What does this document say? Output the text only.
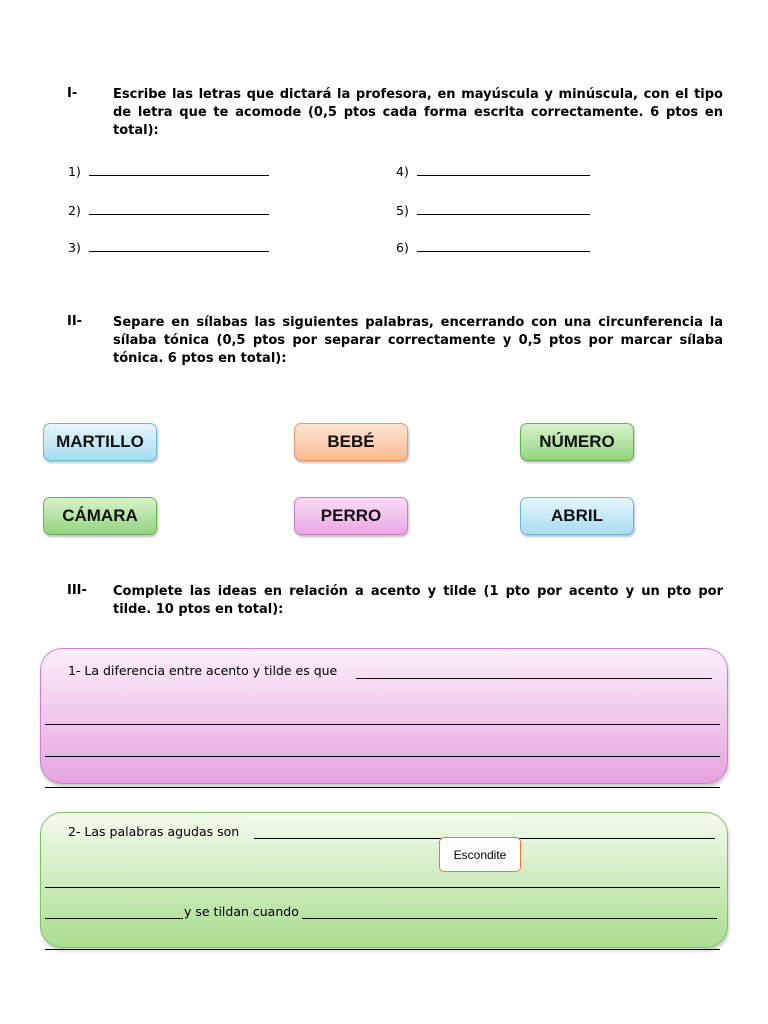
I-	Escribe las letras que dictará la profesora, en mayúscula y minúscula, con el tipo de letra que te acomode (0,5 ptos cada forma escrita correctamente. 6 ptos en total):
1)
2)
3)
4)
5)
6)
II- Separe en sílabas las siguientes palabras, encerrando con una circunferencia la sílaba tónica (0,5 ptos por separar correctamente y 0,5 ptos por marcar sílaba tónica. 6 ptos en total):
MARTILLO	BEBÉ	NÚMERO
CÁMARA	PERRO	ABRIL
III- Complete las ideas en relación a acento y tilde (1 pto por acento y un pto por tilde. 10 ptos en total):
1- La diferencia entre acento y tilde es que
2- Las palabras agudas son
y se tildan cuando
Escondite
